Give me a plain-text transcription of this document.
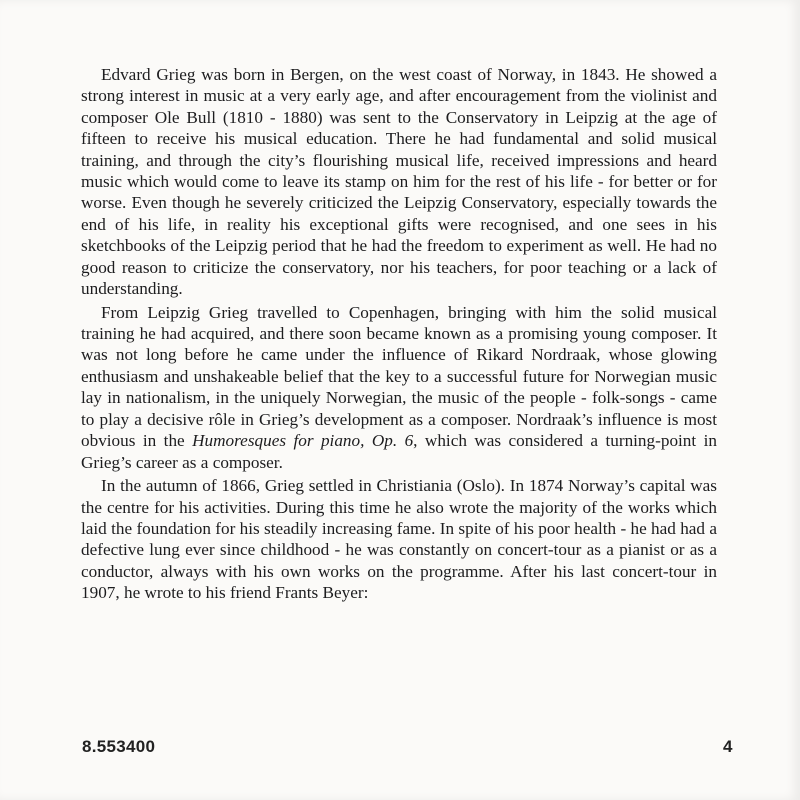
Edvard Grieg was born in Bergen, on the west coast of Norway, in 1843. He showed a strong interest in music at a very early age, and after encouragement from the violinist and composer Ole Bull (1810 - 1880) was sent to the Conservatory in Leipzig at the age of fifteen to receive his musical education. There he had fundamental and solid musical training, and through the city’s flourishing musical life, received impressions and heard music which would come to leave its stamp on him for the rest of his life - for better or for worse. Even though he severely criticized the Leipzig Conservatory, especially towards the end of his life, in reality his exceptional gifts were recognised, and one sees in his sketchbooks of the Leipzig period that he had the freedom to experiment as well. He had no good reason to criticize the conservatory, nor his teachers, for poor teaching or a lack of understanding.

From Leipzig Grieg travelled to Copenhagen, bringing with him the solid musical training he had acquired, and there soon became known as a promising young composer. It was not long before he came under the influence of Rikard Nordraak, whose glowing enthusiasm and unshakeable belief that the key to a successful future for Norwegian music lay in nationalism, in the uniquely Norwegian, the music of the people - folk-songs - came to play a decisive rôle in Grieg’s development as a composer. Nordraak’s influence is most obvious in the Humoresques for piano, Op. 6, which was considered a turning-point in Grieg’s career as a composer.

In the autumn of 1866, Grieg settled in Christiania (Oslo). In 1874 Norway’s capital was the centre for his activities. During this time he also wrote the majority of the works which laid the foundation for his steadily increasing fame. In spite of his poor health - he had had a defective lung ever since childhood - he was constantly on concert-tour as a pianist or as a conductor, always with his own works on the programme. After his last concert-tour in 1907, he wrote to his friend Frants Beyer:

8.553400	4
